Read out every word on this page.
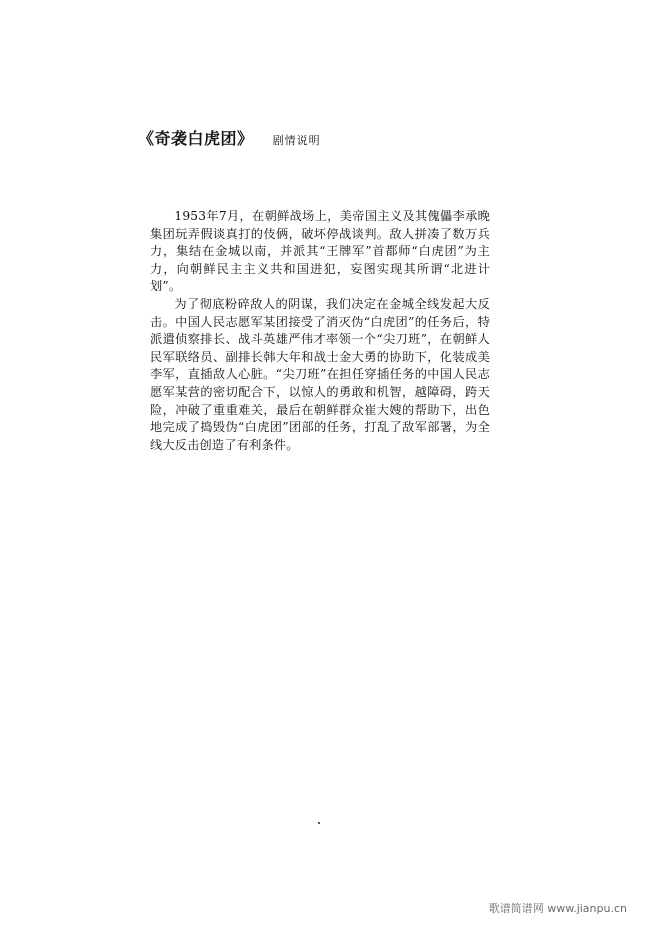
《奇袭白虎团》 剧情说明

1953年7月，在朝鲜战场上，美帝国主义及其傀儡李承晚集团玩弄假谈真打的伎俩，破坏停战谈判。敌人拼凑了数万兵力，集结在金城以南，并派其“王牌军”首都师“白虎团”为主力，向朝鲜民主主义共和国进犯，妄图实现其所谓“北进计划”。

为了彻底粉碎敌人的阴谋，我们决定在金城全线发起大反击。中国人民志愿军某团接受了消灭伪“白虎团”的任务后，特派遣侦察排长、战斗英雄严伟才率领一个“尖刀班”，在朝鲜人民军联络员、副排长韩大年和战士金大勇的协助下，化装成美李军，直插敌人心脏。“尖刀班”在担任穿插任务的中国人民志愿军某营的密切配合下，以惊人的勇敢和机智，越障碍，跨天险，冲破了重重难关，最后在朝鲜群众崔大嫂的帮助下，出色地完成了捣毁伪“白虎团”团部的任务，打乱了敌军部署，为全线大反击创造了有利条件。

歌谱简谱网 www.jianpu.cn
